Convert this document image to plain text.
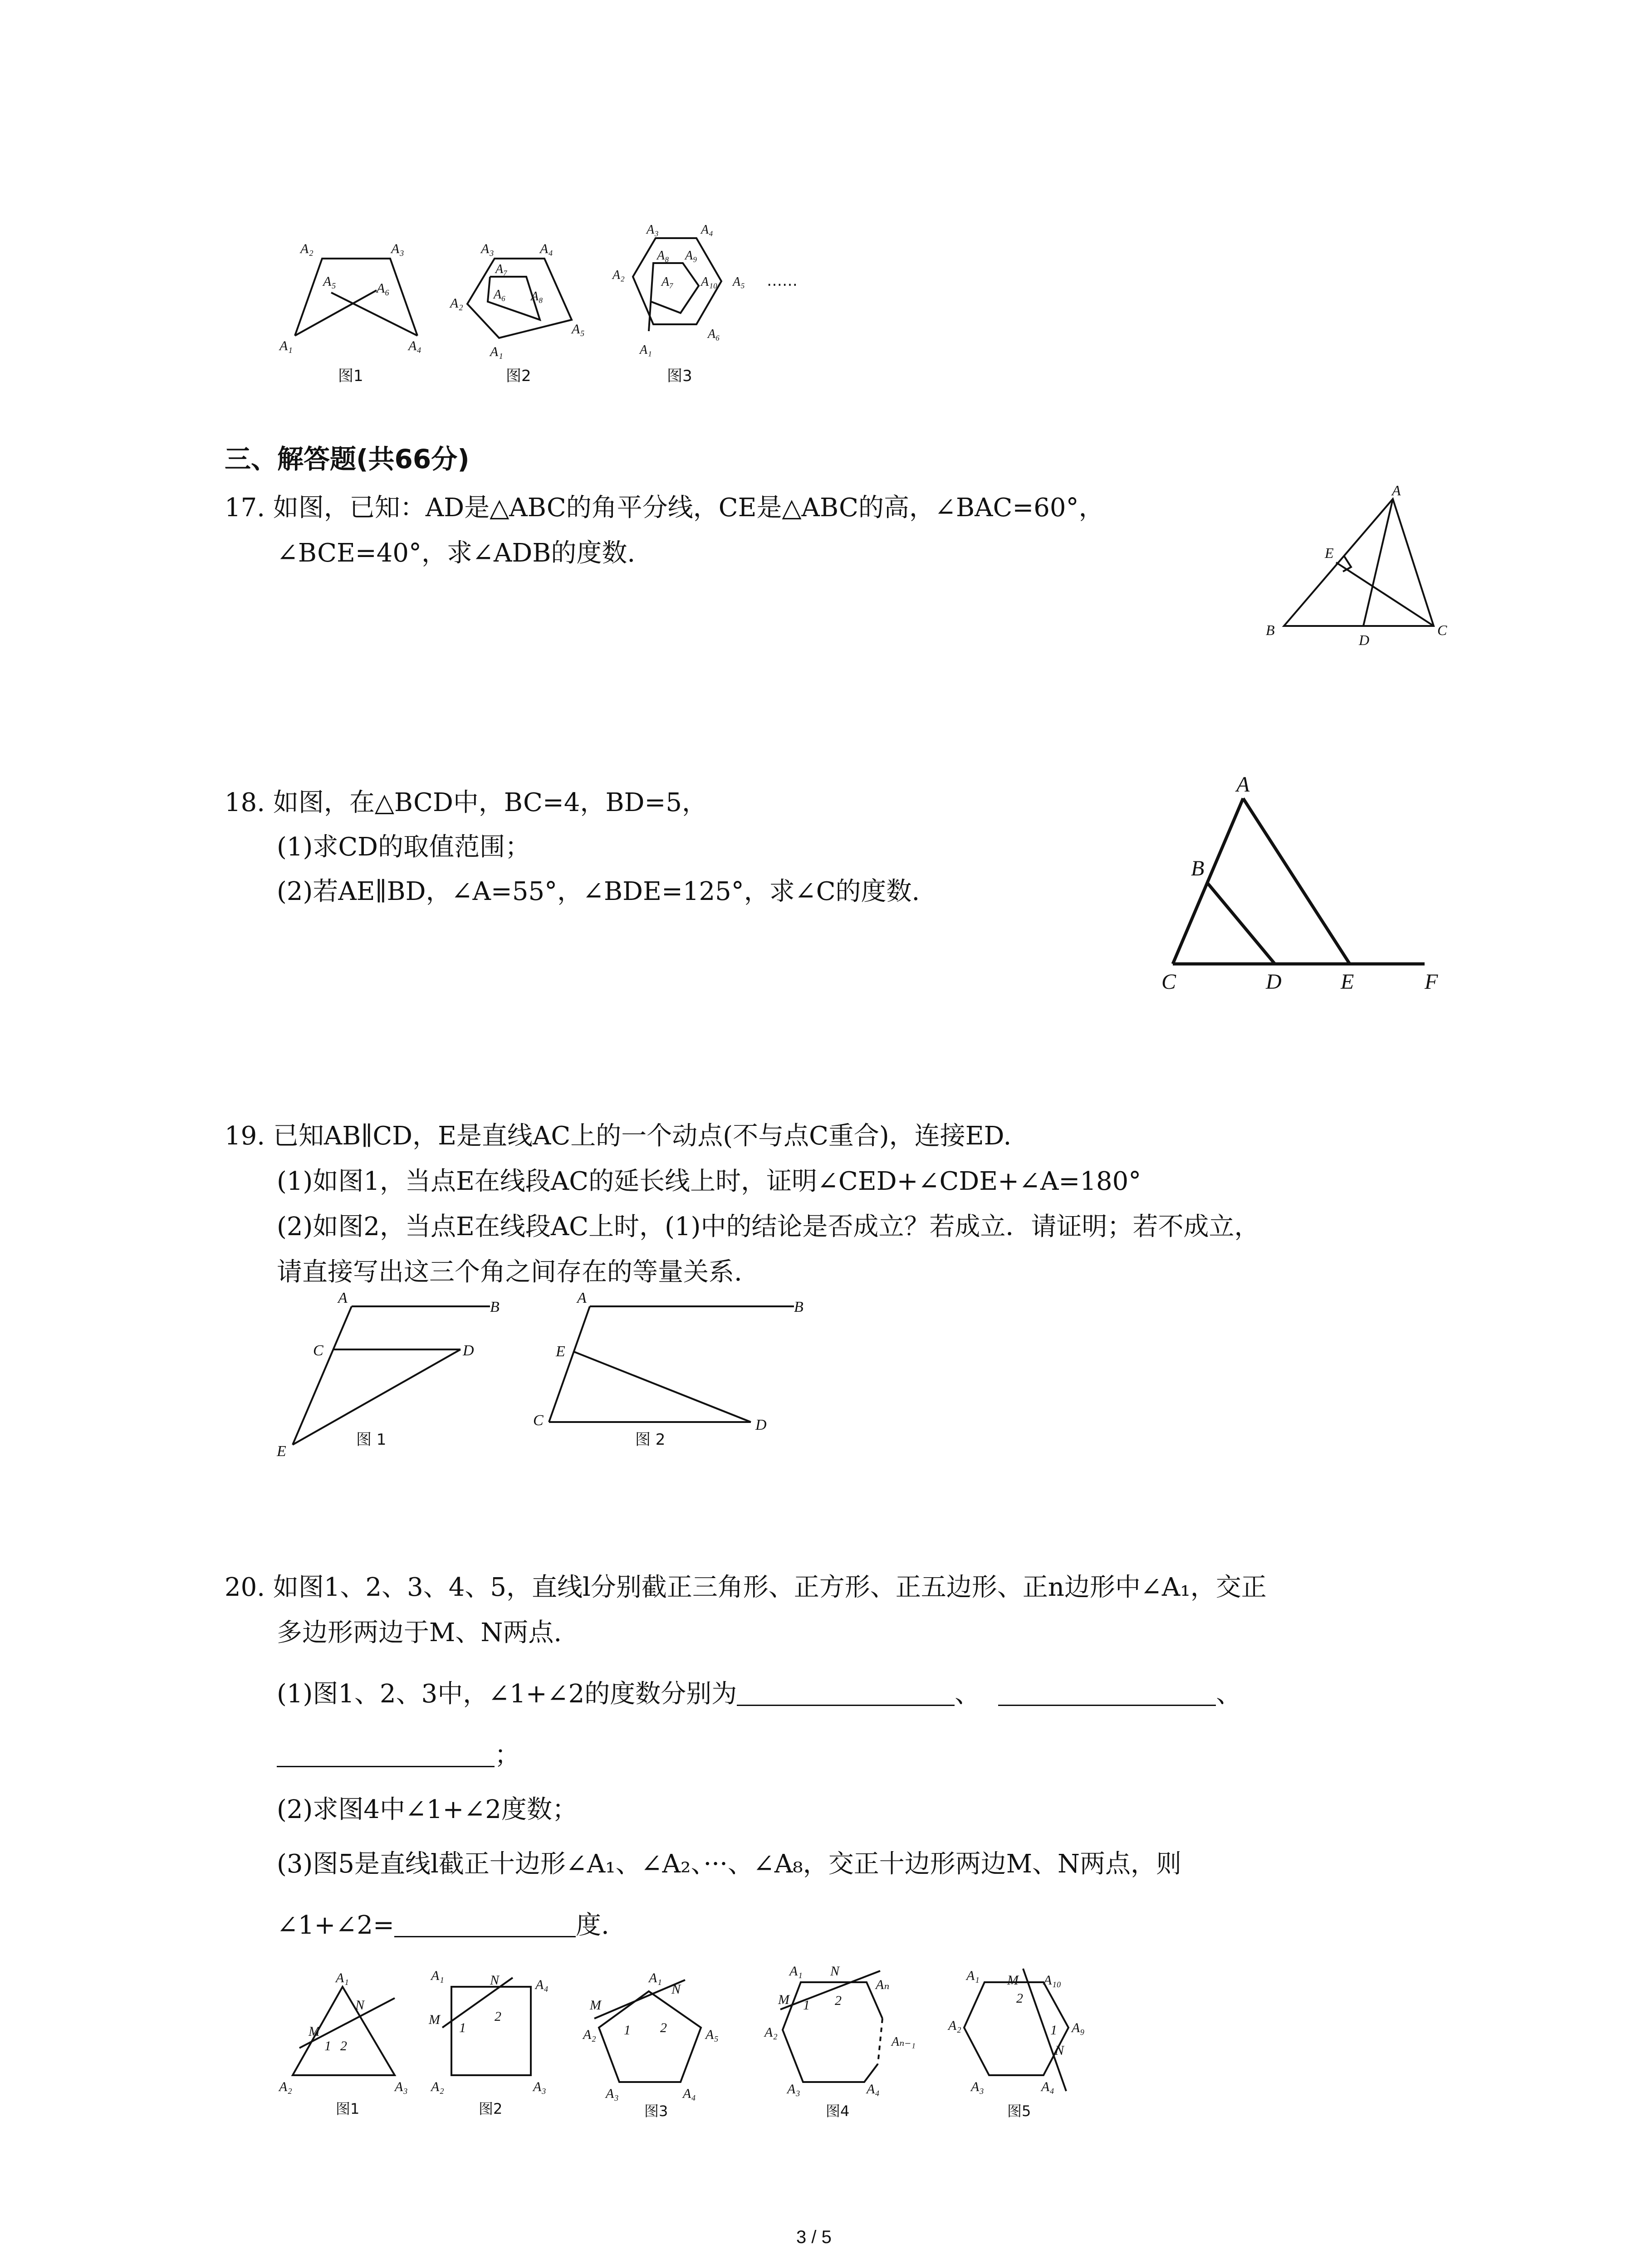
A₂	A₃
A₅	A₆
A₁	A₄
图1
A₃	A₄
A₇
A₆ A₈
A₂
A₁
A₅
图2
A₃	A₄
A₈ A₉
A₂	A₇ A₁₀ A₅
A₁
A₆
图3
……
三、解答题(共66分)
17. 如图，已知：AD是△ABC的角平分线，CE是△ABC的高，∠BAC=60°，
∠BCE=40°，求∠ADB的度数.
A
E
B
D
C
18. 如图，在△BCD中，BC=4，BD=5，
(1)求CD的取值范围；
(2)若AE∥BD，∠A=55°，∠BDE=125°，求∠C的度数.
A
B
C	D	E	F
19. 已知AB∥CD，E是直线AC上的一个动点(不与点C重合)，连接ED.
(1)如图1，当点E在线段AC的延长线上时，证明∠CED+∠CDE+∠A=180°
(2)如图2，当点E在线段AC上时，(1)中的结论是否成立？若成立．请证明；若不成立，
请直接写出这三个角之间存在的等量关系.
A
B
C	D
E
图 1
A
B
E
C	D
图 2
20. 如图1、2、3、4、5，直线l分别截正三角形、正方形、正五边形、正n边形中∠A₁，交正
多边形两边于M、N两点.
(1)图1、2、3中，∠1+∠2的度数分别为	、	、
；
(2)求图4中∠1+∠2度数；
(3)图5是直线l截正十边形∠A₁、∠A₂、···、∠A₈，交正十边形两边M、N两点，则
∠1+∠2=	度.
A₁
N
M
1 2
A₂	A₃
图1
A₁	N	A₄
M
1
2
A₂	A₃
图2
A₁
N
M
A₂ 1 2	A₅
A₃	A₄
图3
A₁ N
Aₙ
M 1 2
A₂
Aₙ₋₁
A₃	A₄
图4
A₁ M A₁₀
2
A₂	1 A₉
N
A₃	A₄
图5
3 / 5
